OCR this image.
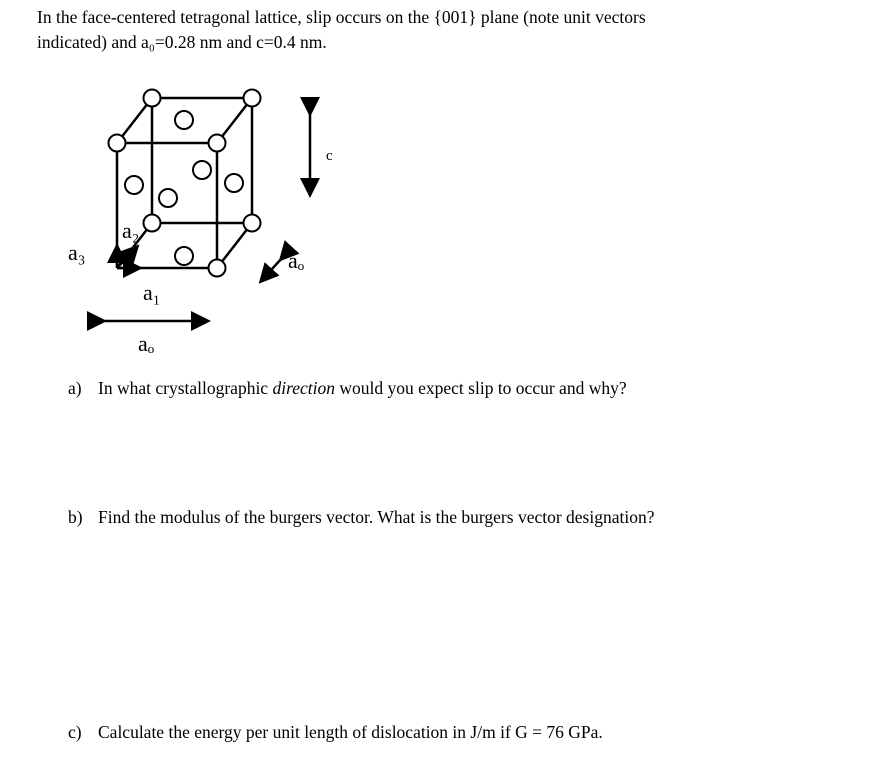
In the face-centered tetragonal lattice, slip occurs on the {001} plane (note unit vectors
indicated) and a₀=0.28 nm and c=0.4 nm.
a₃
a₂
a₁
c
aₒ
aₒ
a) In what crystallographic direction would you expect slip to occur and why?
b) Find the modulus of the burgers vector. What is the burgers vector designation?
c) Calculate the energy per unit length of dislocation in J/m if G = 76 GPa.
